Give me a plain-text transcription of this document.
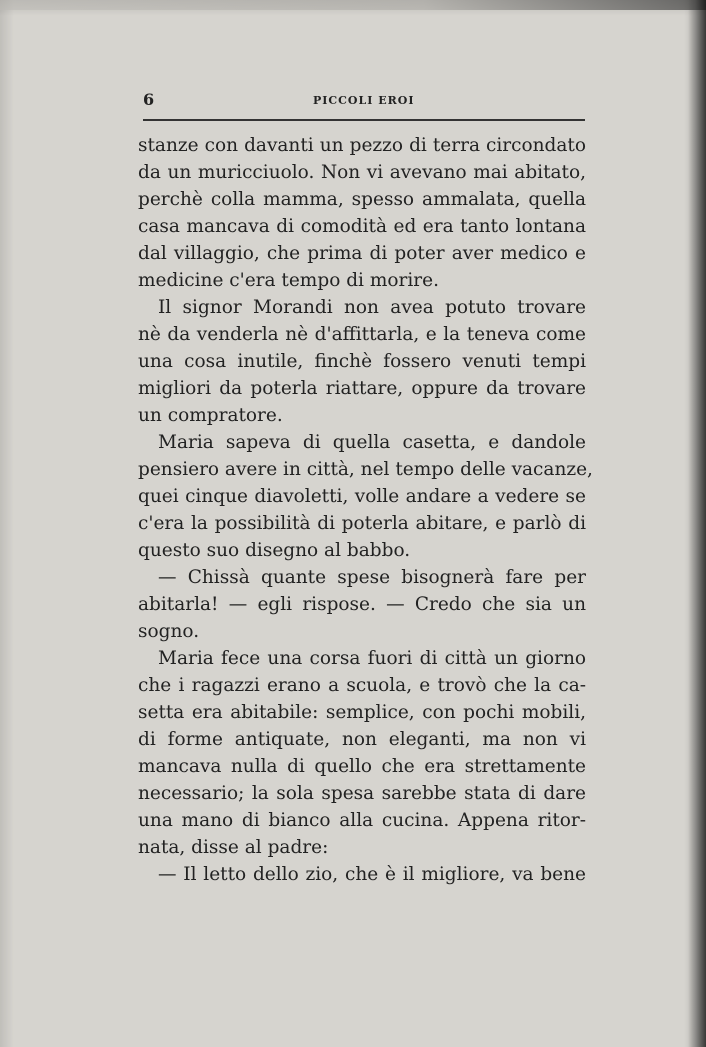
6	PICCOLI EROI
stanze con davanti un pezzo di terra circondato
da un muricciuolo. Non vi avevano mai abitato,
perchè colla mamma, spesso ammalata, quella
casa mancava di comodità ed era tanto lontana
dal villaggio, che prima di poter aver medico e
medicine c'era tempo di morire.
Il signor Morandi non avea potuto trovare
nè da venderla nè d'affittarla, e la teneva come
una cosa inutile, finchè fossero venuti tempi
migliori da poterla riattare, oppure da trovare
un compratore.
Maria sapeva di quella casetta, e dandole
pensiero avere in città, nel tempo delle vacanze,
quei cinque diavoletti, volle andare a vedere se
c'era la possibilità di poterla abitare, e parlò di
questo suo disegno al babbo.
— Chissà quante spese bisognerà fare per
abitarla! — egli rispose. — Credo che sia un
sogno.
Maria fece una corsa fuori di città un giorno
che i ragazzi erano a scuola, e trovò che la ca-
setta era abitabile: semplice, con pochi mobili,
di forme antiquate, non eleganti, ma non vi
mancava nulla di quello che era strettamente
necessario; la sola spesa sarebbe stata di dare
una mano di bianco alla cucina. Appena ritor-
nata, disse al padre:
— Il letto dello zio, che è il migliore, va bene
